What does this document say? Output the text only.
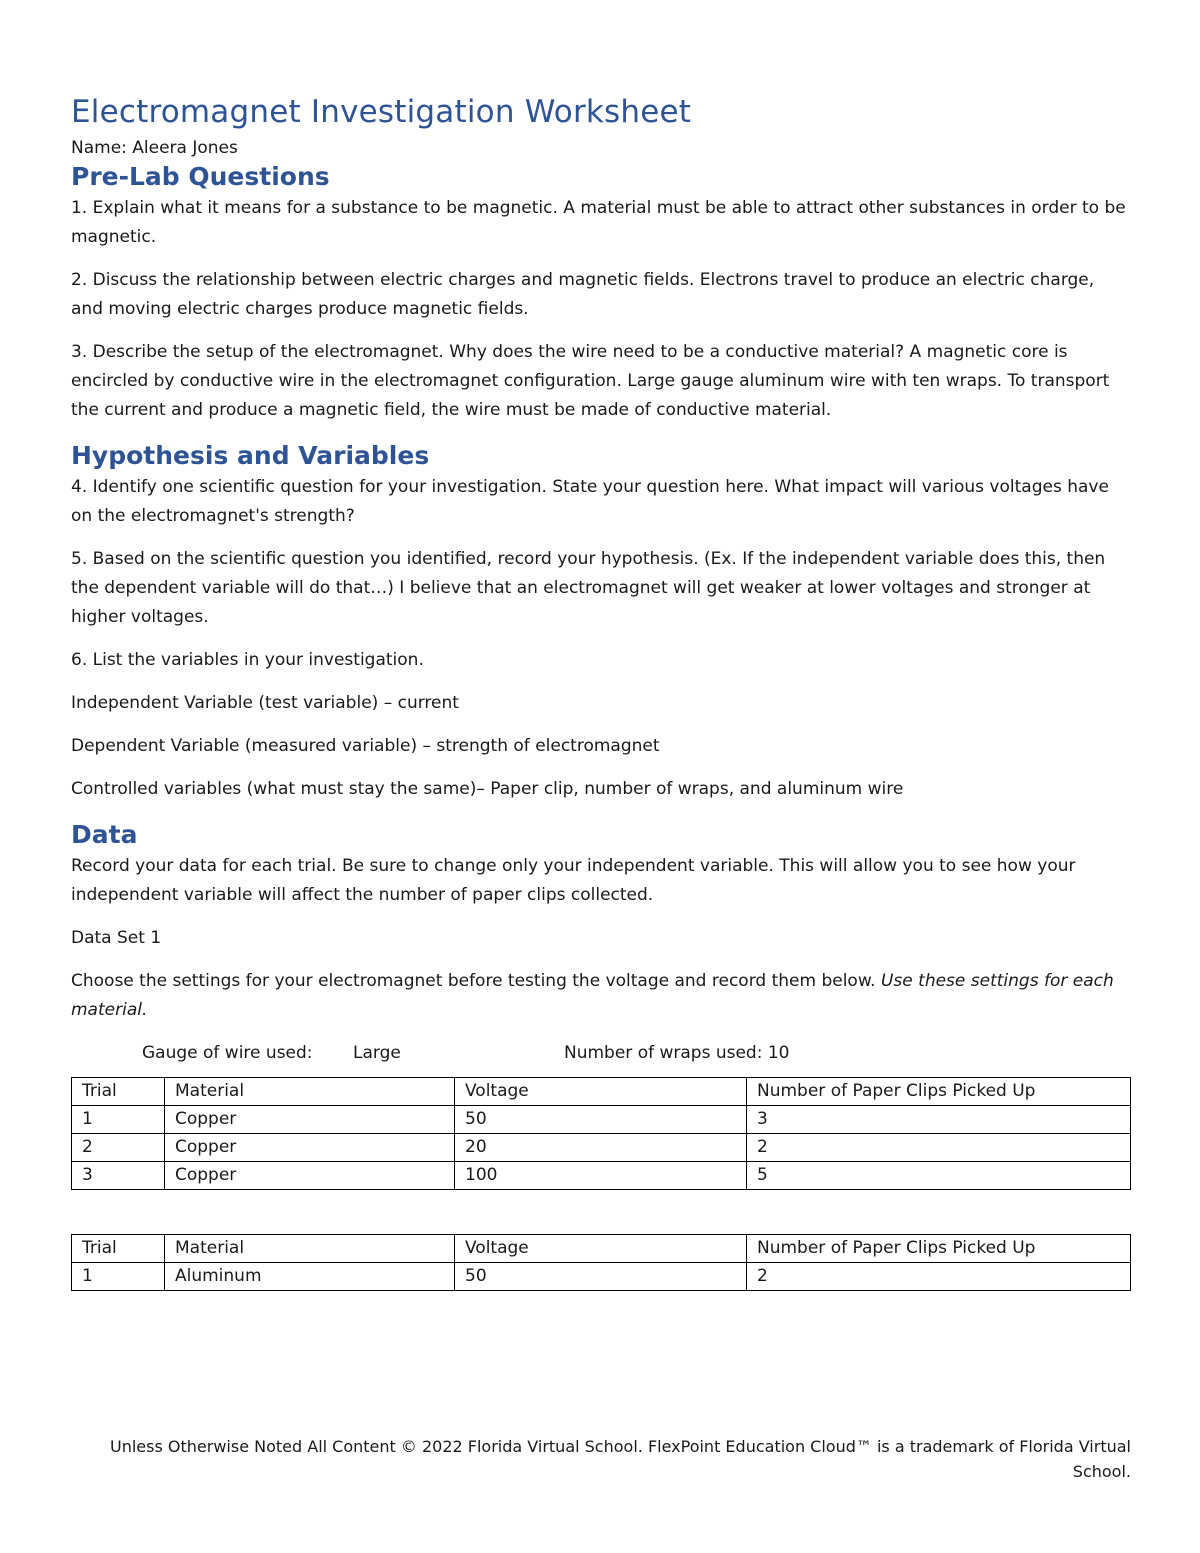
Electromagnet Investigation Worksheet

Name: Aleera Jones

Pre-Lab Questions

1. Explain what it means for a substance to be magnetic. A material must be able to attract other substances in order to be magnetic.

2. Discuss the relationship between electric charges and magnetic fields. Electrons travel to produce an electric charge, and moving electric charges produce magnetic fields.

3. Describe the setup of the electromagnet. Why does the wire need to be a conductive material? A magnetic core is encircled by conductive wire in the electromagnet configuration. Large gauge aluminum wire with ten wraps. To transport the current and produce a magnetic field, the wire must be made of conductive material.

Hypothesis and Variables

4. Identify one scientific question for your investigation. State your question here. What impact will various voltages have on the electromagnet's strength?

5. Based on the scientific question you identified, record your hypothesis. (Ex. If the independent variable does this, then the dependent variable will do that…) I believe that an electromagnet will get weaker at lower voltages and stronger at higher voltages.

6. List the variables in your investigation.

Independent Variable (test variable) – current

Dependent Variable (measured variable) – strength of electromagnet

Controlled variables (what must stay the same)– Paper clip, number of wraps, and aluminum wire

Data

Record your data for each trial. Be sure to change only your independent variable. This will allow you to see how your independent variable will affect the number of paper clips collected.

Data Set 1

Choose the settings for your electromagnet before testing the voltage and record them below. Use these settings for each material.

Gauge of wire used: Large	Number of wraps used: 10
Trial	Material	Voltage	Number of Paper Clips Picked Up
1	Copper	50	3
2	Copper	20	2
3	Copper	100	5
Trial	Material	Voltage	Number of Paper Clips Picked Up
1	Aluminum	50	2
Unless Otherwise Noted All Content © 2022 Florida Virtual School. FlexPoint Education Cloud™ is a trademark of Florida Virtual
School.
